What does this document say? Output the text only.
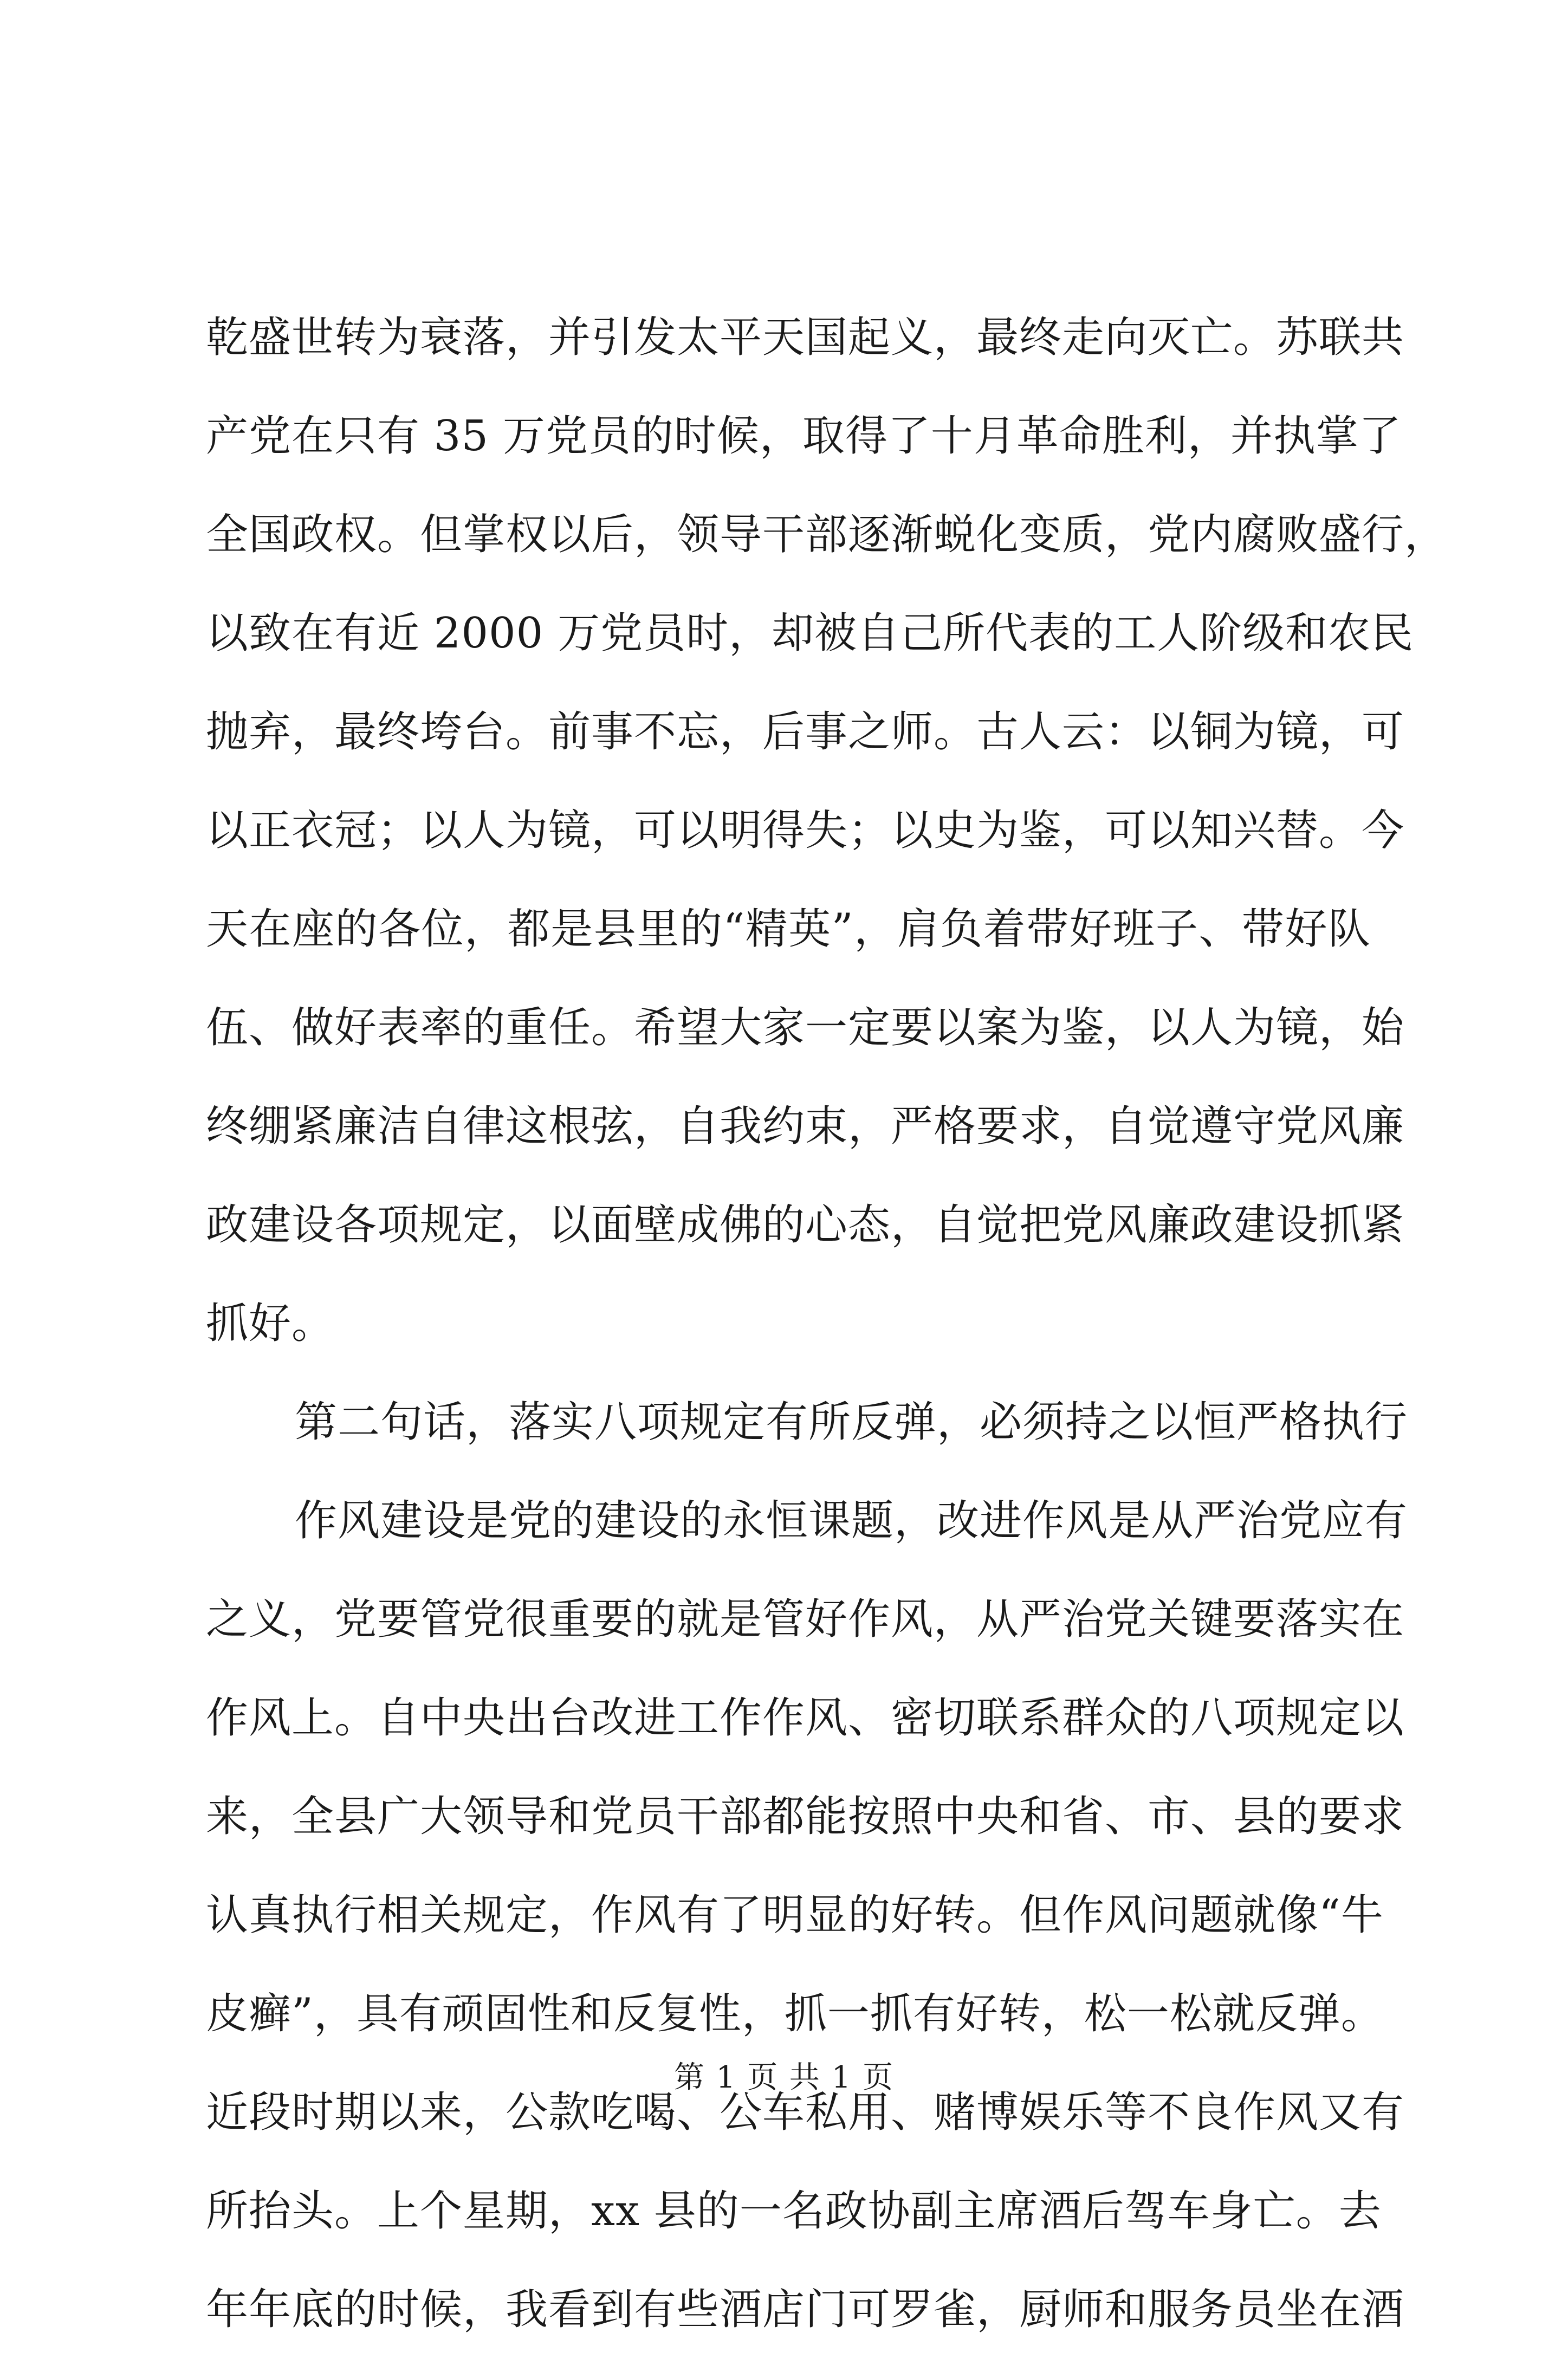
乾盛世转为衰落，并引发太平天国起义，最终走向灭亡。苏联共
产党在只有 35 万党员的时候，取得了十月革命胜利，并执掌了
全国政权。但掌权以后，领导干部逐渐蜕化变质，党内腐败盛行，
以致在有近 2000 万党员时，却被自己所代表的工人阶级和农民
抛弃，最终垮台。前事不忘，后事之师。古人云：以铜为镜，可
以正衣冠；以人为镜，可以明得失；以史为鉴，可以知兴替。今
天在座的各位，都是县里的“精英”，肩负着带好班子、带好队
伍、做好表率的重任。希望大家一定要以案为鉴，以人为镜，始
终绷紧廉洁自律这根弦，自我约束，严格要求，自觉遵守党风廉
政建设各项规定，以面壁成佛的心态，自觉把党风廉政建设抓紧
抓好。
第二句话，落实八项规定有所反弹，必须持之以恒严格执行
作风建设是党的建设的永恒课题，改进作风是从严治党应有
之义，党要管党很重要的就是管好作风，从严治党关键要落实在
作风上。自中央出台改进工作作风、密切联系群众的八项规定以
来，全县广大领导和党员干部都能按照中央和省、市、县的要求
认真执行相关规定，作风有了明显的好转。但作风问题就像“牛
皮癣”，具有顽固性和反复性，抓一抓有好转，松一松就反弹。
近段时期以来，公款吃喝、公车私用、赌博娱乐等不良作风又有
所抬头。上个星期，xx 县的一名政协副主席酒后驾车身亡。去
年年底的时候，我看到有些酒店门可罗雀，厨师和服务员坐在酒
第 1 页 共 1 页
